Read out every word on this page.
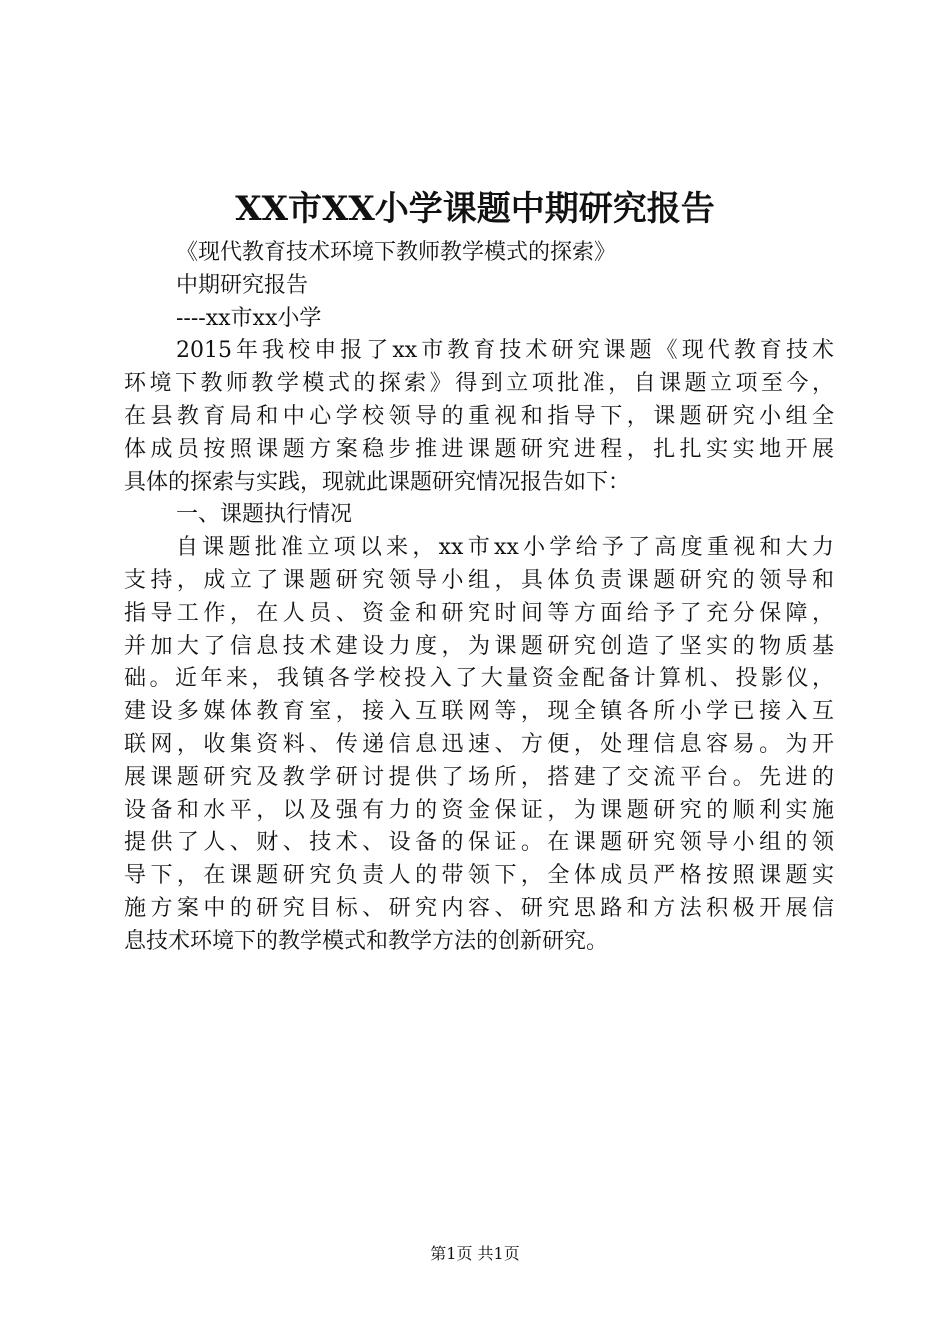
XX市XX小学课题中期研究报告
《现代教育技术环境下教师教学模式的探索》
中期研究报告
----xx市xx小学
2015年我校申报了xx市教育技术研究课题《现代教育技术
环境下教师教学模式的探索》得到立项批准，自课题立项至今，
在县教育局和中心学校领导的重视和指导下，课题研究小组全
体成员按照课题方案稳步推进课题研究进程，扎扎实实地开展
具体的探索与实践，现就此课题研究情况报告如下：
一、课题执行情况
自课题批准立项以来，xx市xx小学给予了高度重视和大力
支持，成立了课题研究领导小组，具体负责课题研究的领导和
指导工作，在人员、资金和研究时间等方面给予了充分保障，
并加大了信息技术建设力度，为课题研究创造了坚实的物质基
础。近年来，我镇各学校投入了大量资金配备计算机、投影仪，
建设多媒体教育室，接入互联网等，现全镇各所小学已接入互
联网，收集资料、传递信息迅速、方便，处理信息容易。为开
展课题研究及教学研讨提供了场所，搭建了交流平台。先进的
设备和水平，以及强有力的资金保证，为课题研究的顺利实施
提供了人、财、技术、设备的保证。在课题研究领导小组的领
导下，在课题研究负责人的带领下，全体成员严格按照课题实
施方案中的研究目标、研究内容、研究思路和方法积极开展信
息技术环境下的教学模式和教学方法的创新研究。
第1页 共1页
